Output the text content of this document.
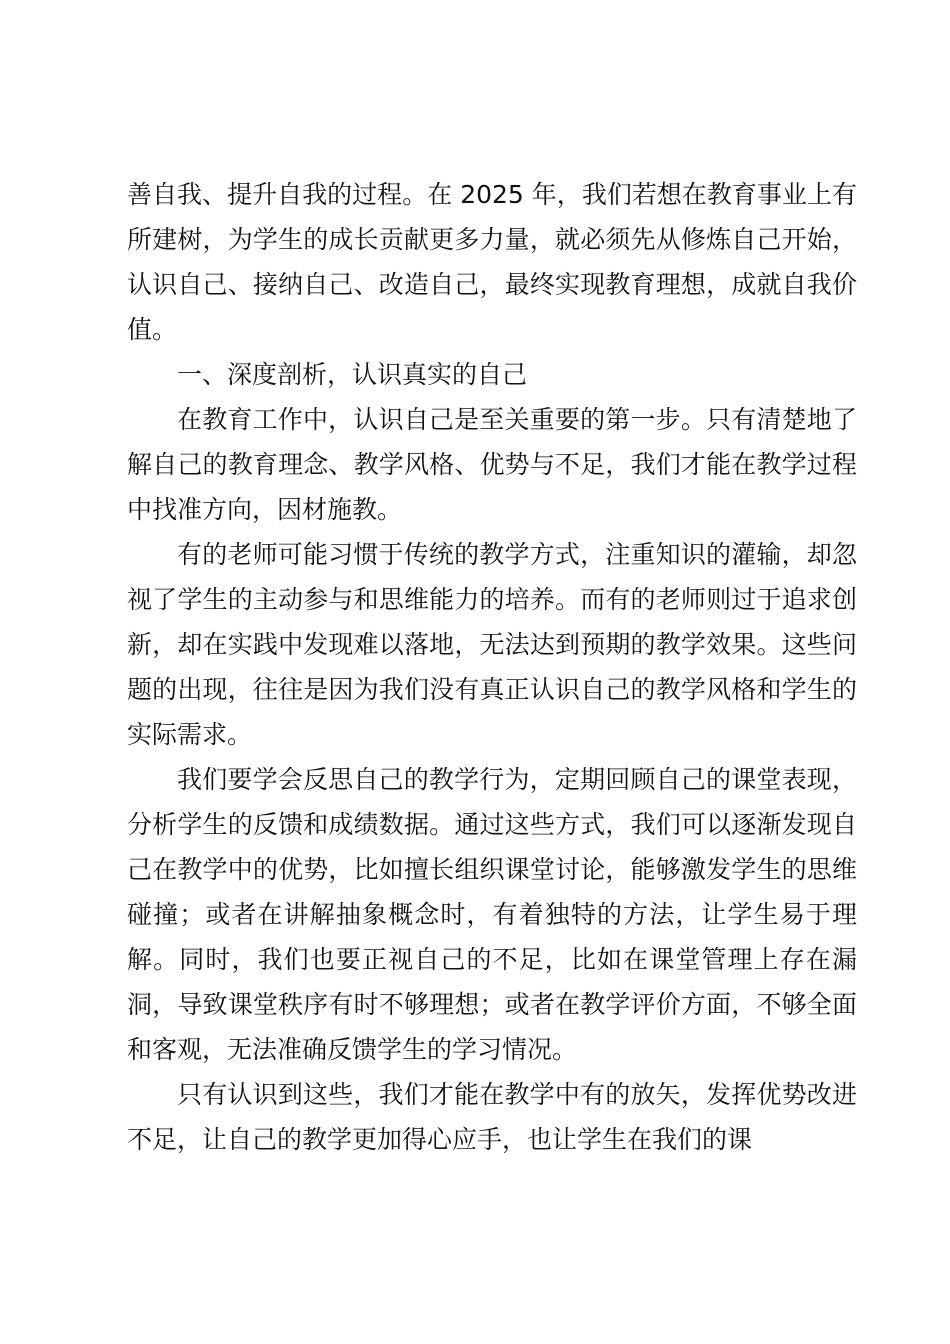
善自我、提升自我的过程。在 2025 年，我们若想在教育事业上有所建树，为学生的成长贡献更多力量，就必须先从修炼自己开始，认识自己、接纳自己、改造自己，最终实现教育理想，成就自我价值。

一、深度剖析，认识真实的自己

在教育工作中，认识自己是至关重要的第一步。只有清楚地了解自己的教育理念、教学风格、优势与不足，我们才能在教学过程中找准方向，因材施教。

有的老师可能习惯于传统的教学方式，注重知识的灌输，却忽视了学生的主动参与和思维能力的培养。而有的老师则过于追求创新，却在实践中发现难以落地，无法达到预期的教学效果。这些问题的出现，往往是因为我们没有真正认识自己的教学风格和学生的实际需求。

我们要学会反思自己的教学行为，定期回顾自己的课堂表现，分析学生的反馈和成绩数据。通过这些方式，我们可以逐渐发现自己在教学中的优势，比如擅长组织课堂讨论，能够激发学生的思维碰撞；或者在讲解抽象概念时，有着独特的方法，让学生易于理解。同时，我们也要正视自己的不足，比如在课堂管理上存在漏洞，导致课堂秩序有时不够理想；或者在教学评价方面，不够全面和客观，无法准确反馈学生的学习情况。

只有认识到这些，我们才能在教学中有的放矢，发挥优势改进不足，让自己的教学更加得心应手，也让学生在我们的课
